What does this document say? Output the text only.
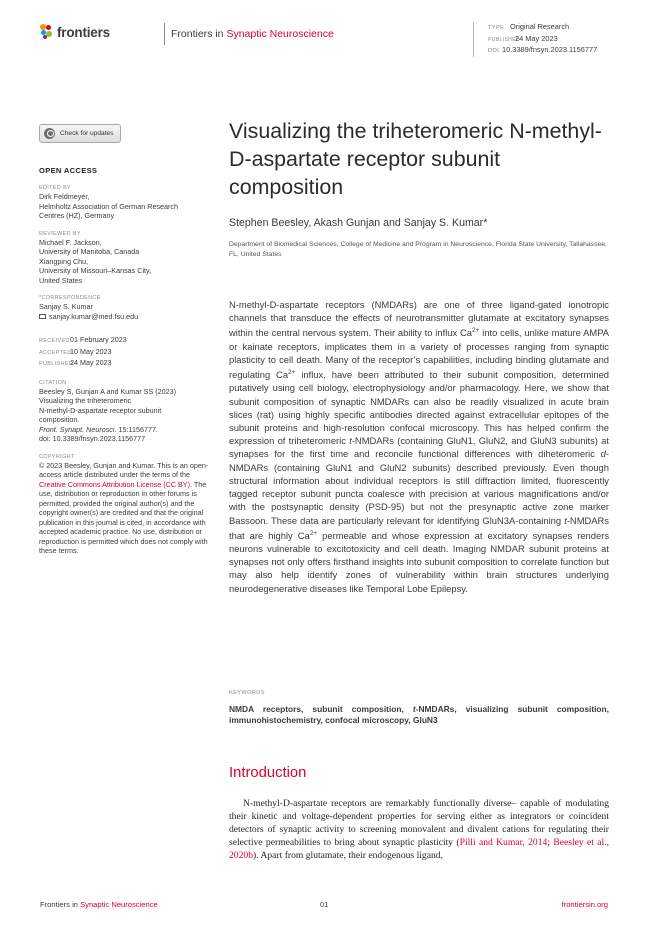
frontiers	Frontiers in Synaptic Neuroscience	TYPE Original Research
PUBLISHED24 May 2023
DOI 10.3389/fnsyn.2023.1156777
Check for updates
OPEN ACCESS
EDITED BY
Dirk Feldmeyer,
Helmholtz Association of German Research
Centres (HZ), Germany
REVIEWED BY
Michael F. Jackson,
University of Manitoba, Canada
Xiangping Chu,
University of Missouri–Kansas City,
United States
*CORRESPONDENCE
Sanjay S. Kumar
sanjay.kumar@med.fsu.edu
RECEIVED01 February 2023
ACCEPTED10 May 2023
PUBLISHED24 May 2023
CITATION
Beesley S, Gunjan A and Kumar SS (2023)
Visualizing the triheteromeric
N-methyl-D-aspartate receptor subunit
composition.
Front. Synapt. Neurosci. 15:1156777.
doi: 10.3389/fnsyn.2023.1156777
COPYRIGHT
© 2023 Beesley, Gunjan and Kumar. This is an open-access article distributed under the terms of the Creative Commons Attribution License (CC BY). The use, distribution or reproduction in other forums is permitted, provided the original author(s) and the copyright owner(s) are credited and that the original publication in this journal is cited, in accordance with accepted academic practice. No use, distribution or reproduction is permitted which does not comply with these terms.
Visualizing the triheteromeric N-methyl-D-aspartate receptor subunit composition
Stephen Beesley, Akash Gunjan and Sanjay S. Kumar*
Department of Biomedical Sciences, College of Medicine and Program in Neuroscience, Florida State University, Tallahassee, FL, United States

N-methyl-D-aspartate receptors (NMDARs) are one of three ligand-gated ionotropic channels that transduce the effects of neurotransmitter glutamate at excitatory synapses within the central nervous system. Their ability to influx $Ca^{2+}$ into cells, unlike mature AMPA or kainate receptors, implicates them in a variety of processes ranging from synaptic plasticity to cell death. Many of the receptor’s capabilities, including binding glutamate and regulating $Ca^{2+}$ influx, have been attributed to their subunit composition, determined putatively using cell biology, electrophysiology and/or pharmacology. Here, we show that subunit composition of synaptic NMDARs can also be readily visualized in acute brain slices (rat) using highly specific antibodies directed against extracellular epitopes of the subunit proteins and high-resolution confocal microscopy. This has helped confirm the expression of triheteromeric t-NMDARs (containing GluN1, GluN2, and GluN3 subunits) at synapses for the first time and reconcile functional differences with diheteromeric d-NMDARs (containing GluN1 and GluN2 subunits) described previously. Even though structural information about individual receptors is still diffraction limited, fluorescently tagged receptor subunit puncta coalesce with precision at various magnifications and/or with the postsynaptic density (PSD-95) but not the presynaptic active zone marker Bassoon. These data are particularly relevant for identifying GluN3A-containing t-NMDARs that are highly $Ca^{2+}$ permeable and whose expression at excitatory synapses renders neurons vulnerable to excitotoxicity and cell death. Imaging NMDAR subunit proteins at synapses not only offers firsthand insights into subunit composition to correlate function but may also help identify zones of vulnerability within brain structures underlying neurodegenerative diseases like Temporal Lobe Epilepsy.

KEYWORDS
NMDA receptors, subunit composition, t-NMDARs, visualizing subunit composition, immunohistochemistry, confocal microscopy, GluN3
Introduction

N-methyl-D-aspartate receptors are remarkably functionally diverse– capable of modulating their kinetic and voltage-dependent properties for serving either as integrators or coincident detectors of synaptic activity to screening monovalent and divalent cations for regulating their selective permeabilities to bring about synaptic plasticity (Pilli and Kumar, 2014; Beesley et al., 2020b). Apart from glutamate, their endogenous ligand,

Frontiers in Synaptic Neuroscience	01	frontiersin.org
